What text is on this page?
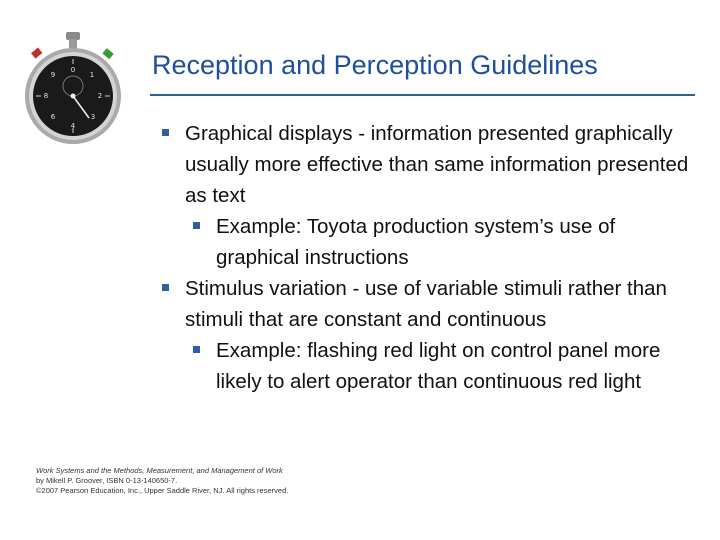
0
1
2
3
4
6
8
9	Reception and Perception Guidelines
Graphical displays - information presented graphically usually more effective than same information presented as text
Example: Toyota production system’s use of graphical instructions
Stimulus variation - use of variable stimuli rather than stimuli that are constant and continuous
Example: flashing red light on control panel more likely to alert operator than continuous red light
Work Systems and the Methods, Measurement, and Management of Work
by Mikell P. Groover, ISBN 0-13-140650-7.
©2007 Pearson Education, Inc., Upper Saddle River, NJ. All rights reserved.
